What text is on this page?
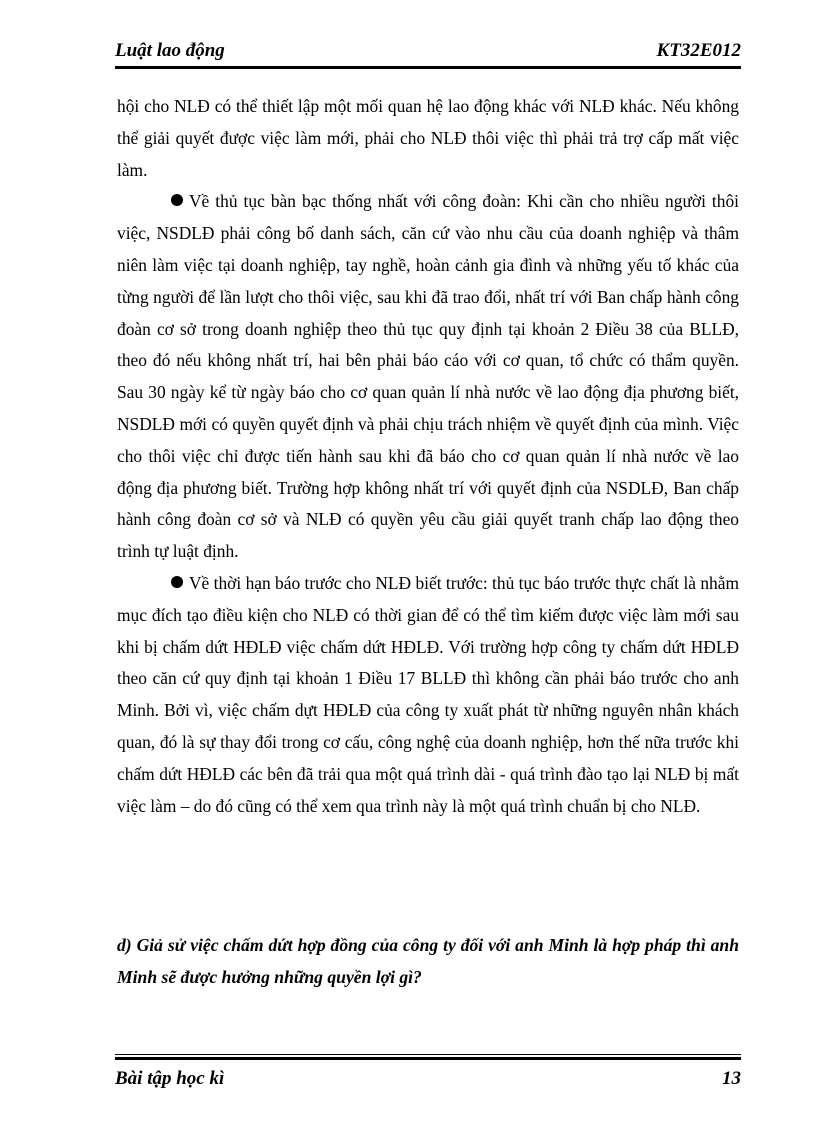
Luật lao động	KT32E012

hội cho NLĐ có thể thiết lập một mối quan hệ lao động khác với NLĐ khác. Nếu không thể giải quyết được việc làm mới, phải cho NLĐ thôi việc thì phải trả trợ cấp mất việc làm.

Về thủ tục bàn bạc thống nhất với công đoàn: Khi cần cho nhiều người thôi việc, NSDLĐ phải công bố danh sách, căn cứ vào nhu cầu của doanh nghiệp và thâm niên làm việc tại doanh nghiệp, tay nghề, hoàn cảnh gia đình và những yếu tố khác của từng người để lần lượt cho thôi việc, sau khi đã trao đổi, nhất trí với Ban chấp hành công đoàn cơ sở trong doanh nghiệp theo thủ tục quy định tại khoản 2 Điều 38 của BLLĐ, theo đó nếu không nhất trí, hai bên phải báo cáo với cơ quan, tổ chức có thẩm quyền. Sau 30 ngày kể từ ngày báo cho cơ quan quản lí nhà nước về lao động địa phương biết, NSDLĐ mới có quyền quyết định và phải chịu trách nhiệm về quyết định của mình. Việc cho thôi việc chỉ được tiến hành sau khi đã báo cho cơ quan quản lí nhà nước về lao động địa phương biết. Trường hợp không nhất trí với quyết định của NSDLĐ, Ban chấp hành công đoàn cơ sở và NLĐ có quyền yêu cầu giải quyết tranh chấp lao động theo trình tự luật định.

Về thời hạn báo trước cho NLĐ biết trước: thủ tục báo trước thực chất là nhằm mục đích tạo điều kiện cho NLĐ có thời gian để có thể tìm kiếm được việc làm mới sau khi bị chấm dứt HĐLĐ việc chấm dứt HĐLĐ. Với trường hợp công ty chấm dứt HĐLĐ theo căn cứ quy định tại khoản 1 Điều 17 BLLĐ thì không cần phải báo trước cho anh Minh. Bởi vì, việc chấm dựt HĐLĐ của công ty xuất phát từ những nguyên nhân khách quan, đó là sự thay đổi trong cơ cấu, công nghệ của doanh nghiệp, hơn thế nữa trước khi chấm dứt HĐLĐ các bên đã trải qua một quá trình dài - quá trình đào tạo lại NLĐ bị mất việc làm – do đó cũng có thể xem qua trình này là một quá trình chuẩn bị cho NLĐ.

d) Giả sử việc chấm dứt hợp đồng của công ty đối với anh Minh là hợp pháp thì anh Minh sẽ được hưởng những quyền lợi gì?

Bài tập học kì	13
